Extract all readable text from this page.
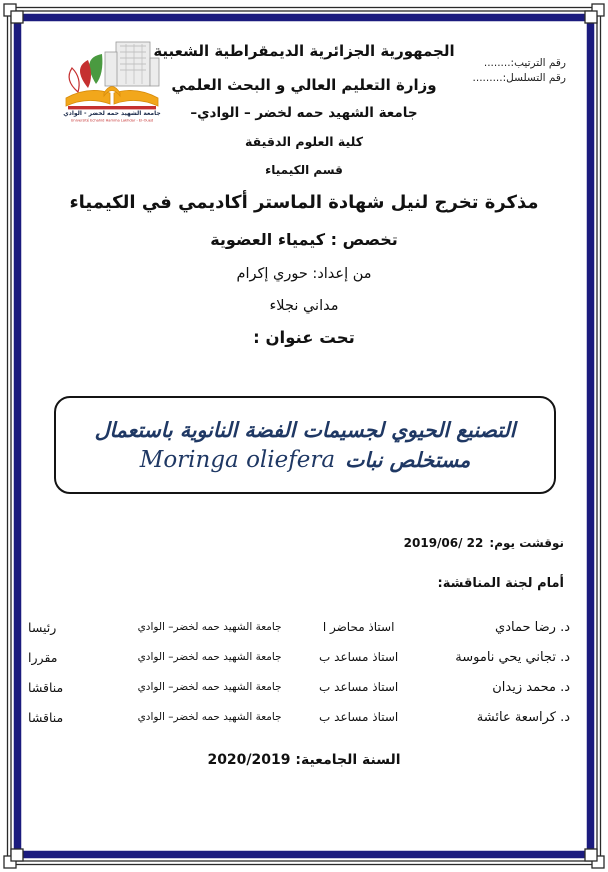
رقم الترتيب:........
رقم التسلسل:.........
جامعة الشهيد حمه لخضر - الوادي
Université Echahid Hamma Lakhdar - El-Oued
الجمهورية الجزائرية الديمقراطية الشعبية
وزارة التعليم العالي و البحث العلمي
جامعة الشهيد حمه لخضر – الوادي–
كلية العلوم الدقيقة
قسم الكيمياء
مذكرة تخرج لنيل شهادة الماستر أكاديمي في الكيمياء
تخصص : كيمياء العضوية
من إعداد: حوري إكرام
مداني نجلاء
تحت عنوان :
التصنيع الحيوي لجسيمات الفضة النانوية باستعمال
مستخلص نبات
Moringa oliefera
نوقشت يوم:
2019/06/ 22
أمام لجنة المناقشة:
د. رضا حمادي
استاذ محاضر ا
جامعة الشهيد حمه لخضر– الوادي
رئيسا
د. تجاني يحي ناموسة
استاذ مساعد ب
جامعة الشهيد حمه لخضر– الوادي
مقررا
د. محمد زيدان
استاذ مساعد ب
جامعة الشهيد حمه لخضر– الوادي
مناقشا
د. كراسعة عائشة
استاذ مساعد ب
جامعة الشهيد حمه لخضر– الوادي
مناقشا
السنة الجامعية: 2020/2019
